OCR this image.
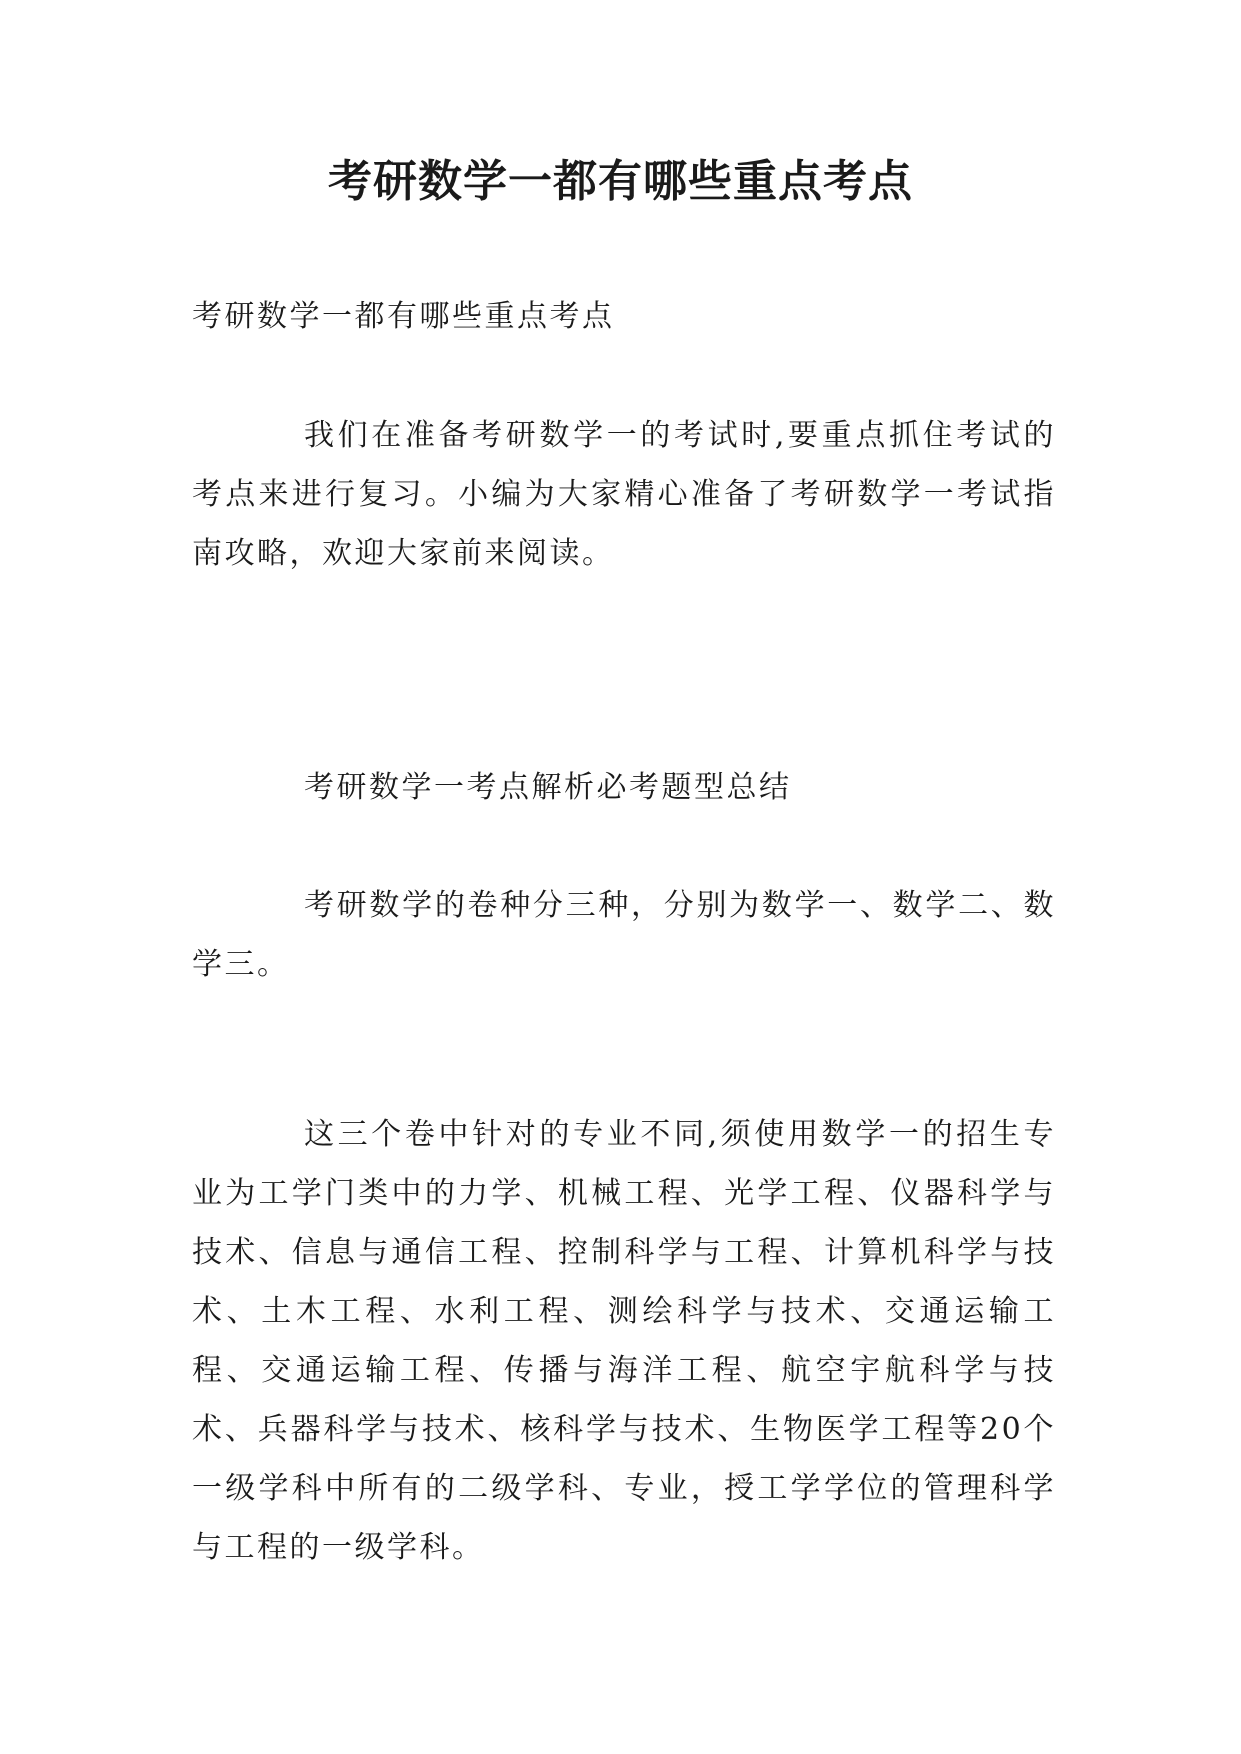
考研数学一都有哪些重点考点

考研数学一都有哪些重点考点

我们在准备考研数学一的考试时,要重点抓住考试的考点来进行复习。小编为大家精心准备了考研数学一考试指南攻略，欢迎大家前来阅读。

考研数学一考点解析必考题型总结

考研数学的卷种分三种，分别为数学一、数学二、数学三。

这三个卷中针对的专业不同,须使用数学一的招生专业为工学门类中的力学、机械工程、光学工程、仪器科学与技术、信息与通信工程、控制科学与工程、计算机科学与技术、土木工程、水利工程、测绘科学与技术、交通运输工程、交通运输工程、传播与海洋工程、航空宇航科学与技术、兵器科学与技术、核科学与技术、生物医学工程等20个一级学科中所有的二级学科、专业，授工学学位的管理科学与工程的一级学科。
